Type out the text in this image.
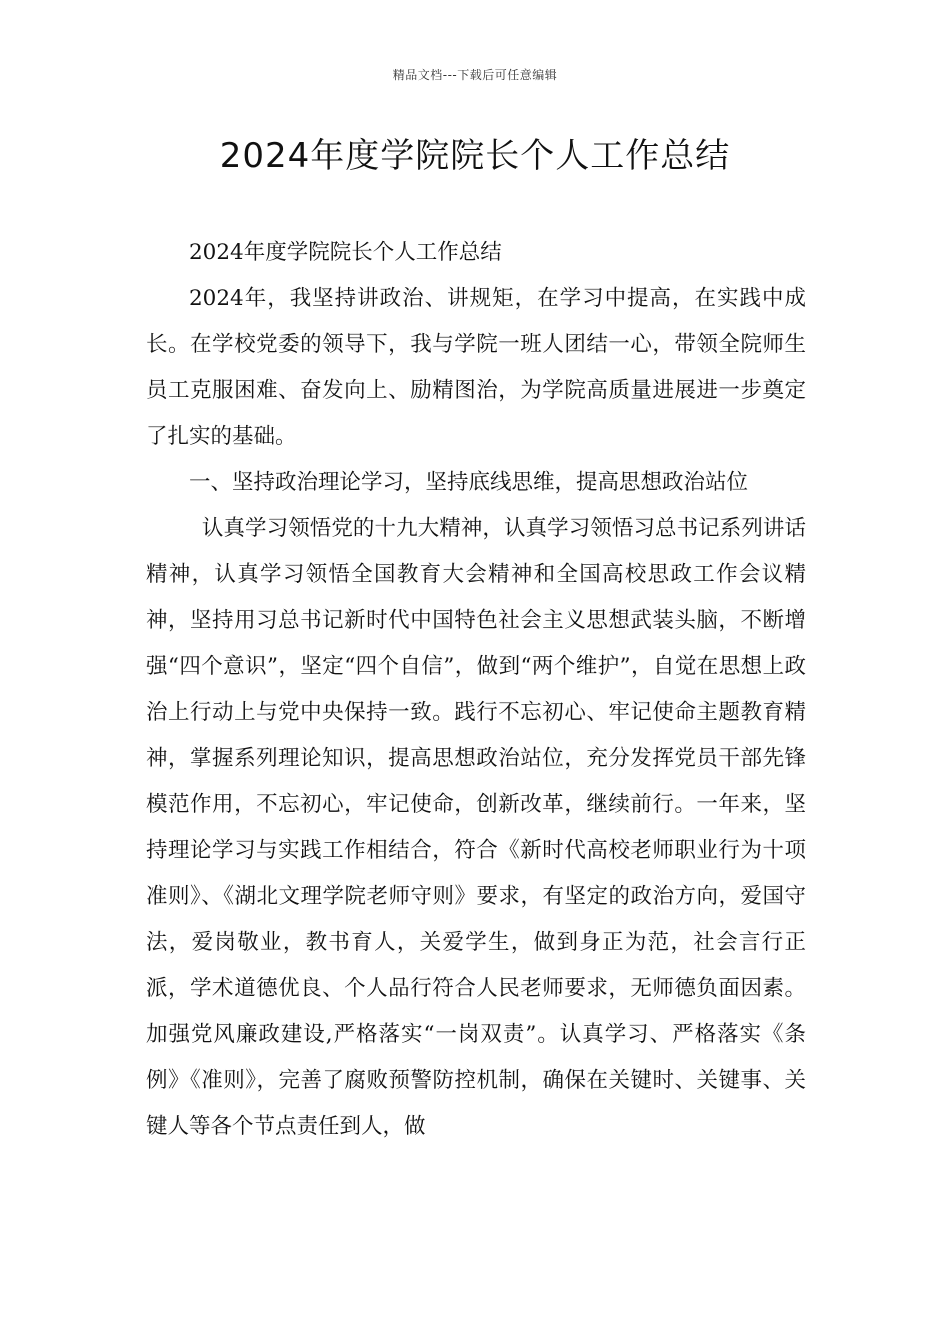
精品文档---下载后可任意编辑
2024年度学院院长个人工作总结

2024年度学院院长个人工作总结

2024年，我坚持讲政治、讲规矩，在学习中提高，在实践中成长。在学校党委的领导下，我与学院一班人团结一心，带领全院师生员工克服困难、奋发向上、励精图治，为学院高质量进展进一步奠定了扎实的基础。

一、坚持政治理论学习，坚持底线思维，提高思想政治站位

认真学习领悟党的十九大精神，认真学习领悟习总书记系列讲话精神，认真学习领悟全国教育大会精神和全国高校思政工作会议精神，坚持用习总书记新时代中国特色社会主义思想武装头脑，不断增强“四个意识”，坚定“四个自信”，做到“两个维护”，自觉在思想上政治上行动上与党中央保持一致。践行不忘初心、牢记使命主题教育精神，掌握系列理论知识，提高思想政治站位，充分发挥党员干部先锋模范作用，不忘初心，牢记使命，创新改革，继续前行。一年来，坚持理论学习与实践工作相结合，符合《新时代高校老师职业行为十项准则》、《湖北文理学院老师守则》要求，有坚定的政治方向，爱国守法，爱岗敬业，教书育人，关爱学生，做到身正为范，社会言行正派，学术道德优良、个人品行符合人民老师要求，无师德负面因素。加强党风廉政建设,严格落实“一岗双责”。认真学习、严格落实《条例》《准则》，完善了腐败预警防控机制，确保在关键时、关键事、关键人等各个节点责任到人，做
